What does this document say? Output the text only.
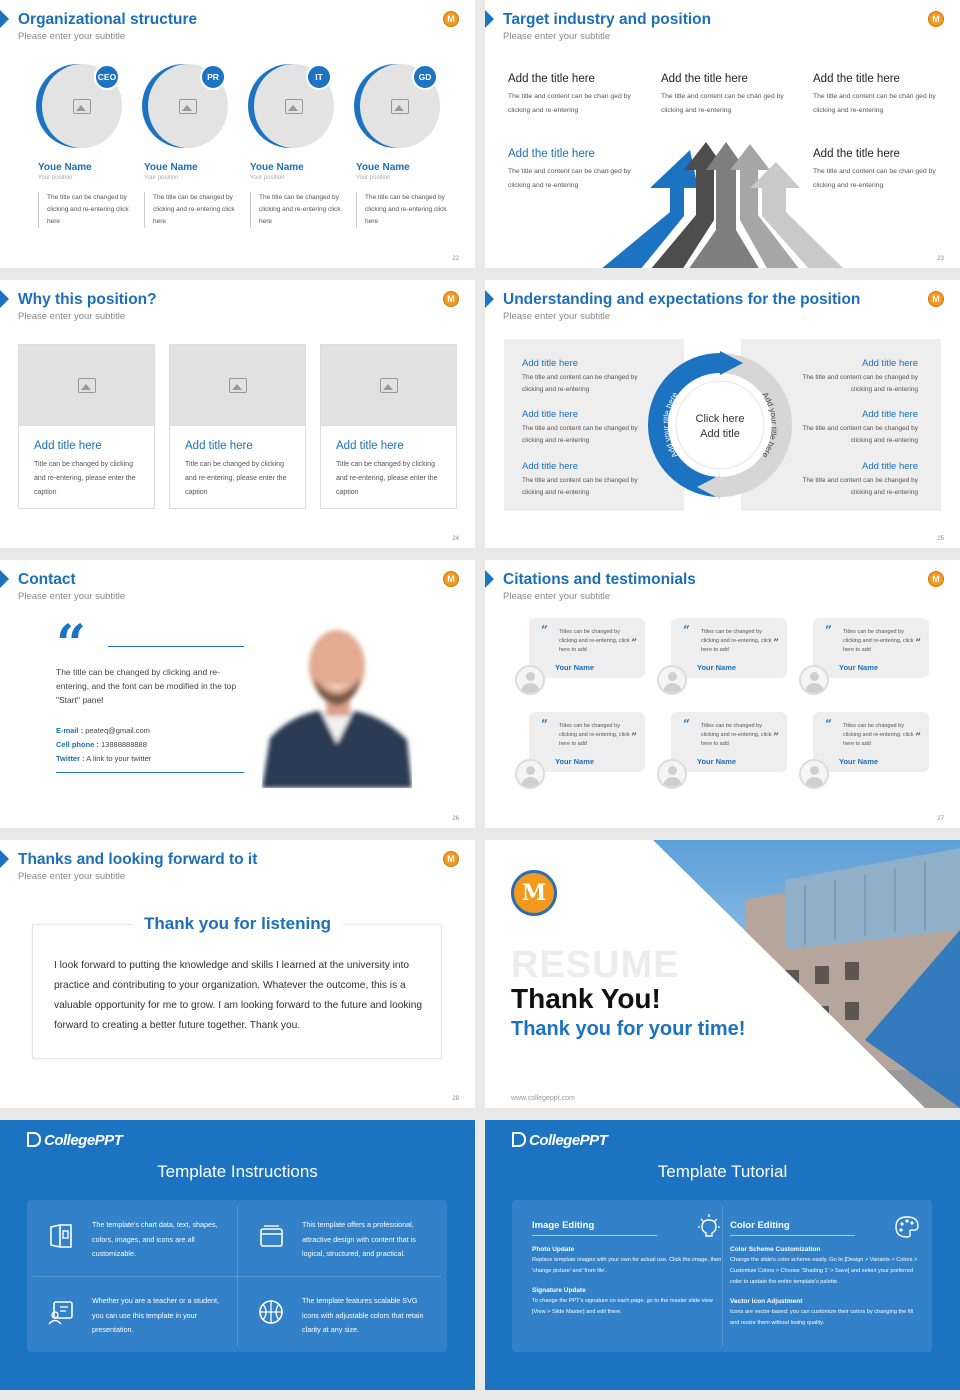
Organizational structure
Please enter your subtitle
M
CEO
Youe Name
Your position
The title can be changed by clicking and re-entering click here
PR
Youe Name
Your position
The title can be changed by clicking and re-entering click here
IT
Youe Name
Your position
The title can be changed by clicking and re-entering click here
GD
Youe Name
Your position
The title can be changed by clicking and re-entering click here
22
Target industry and position
Please enter your subtitle
M
Add the title here
The title and content can be chan ged by clicking and re-entering
Add the title here
The title and content can be chan ged by clicking and re-entering
Add the title here
The title and content can be chan ged by clicking and re-entering
Add the title here
The title and content can be chan ged by clicking and re-entering
Add the title here
The title and content can be chan ged by clicking and re-entering
23
Why this position?
Please enter your subtitle
M
Add title here
Title can be changed by clicking and re-entering, please enter the caption
Add title here
Title can be changed by clicking and re-entering, please enter the caption
Add title here
Title can be changed by clicking and re-entering, please enter the caption
24
Understanding and expectations for the position
Please enter your subtitle
M
Add title here
The title and content can be changed by clicking and re-entering
Add title here
The title and content can be changed by clicking and re-entering
Add title here
The title and content can be changed by clicking and re-entering
Add title here
The title and content can be changed by clicking and re-entering
Add title here
The title and content can be changed by clicking and re-entering
Add title here
The title and content can be changed by clicking and re-entering
Add your title here	Add your title here
Click here
Add title
25
Contact
Please enter your subtitle
M
“
The title can be changed by clicking and re-entering, and the font can be modified in the top "Start" panel
E-mail : peateq@gmail.com
Cell phone : 13888888888
Twitter : A link to your twitter
26
Citations and testimonials
Please enter your subtitle
M
“
”
Titles can be changed by clicking and re-entering, click here to add
Your Name
“
”
Titles can be changed by clicking and re-entering, click here to add
Your Name
“
”
Titles can be changed by clicking and re-entering, click here to add
Your Name
“
”
Titles can be changed by clicking and re-entering, click here to add
Your Name
“
”
Titles can be changed by clicking and re-entering, click here to add
Your Name
“
”
Titles can be changed by clicking and re-entering, click here to add
Your Name
27
Thanks and looking forward to it
Please enter your subtitle
M
Thank you for listening
I look forward to putting the knowledge and skills I learned at the university into practice and contributing to your organization. Whatever the outcome, this is a valuable opportunity for me to grow. I am looking forward to the future and looking forward to creating a better future together. Thank you.
28
M
RESUME
Thank You!
Thank you for your time!
www.collegeppt.com
CollegePPT
Template Instructions
The template's chart data, text, shapes, colors, images, and icons are all customizable.
This template offers a professional, attractive design with content that is logical, structured, and practical.
Whether you are a teacher or a student, you can use this template in your presentation.
The template features scalable SVG icons with adjustable colors that retain clarity at any size.
CollegePPT
Template Tutorial
Image Editing
Photo Update
Replace template images with your own for actual use. Click the image, then 'change picture' and 'from file'.
Signature Update
To change the PPT's signature on each page, go to the master slide view [View > Slide Master] and edit there.
Color Editing
Color Scheme Customization
Change the slide's color scheme easily. Go to [Design > Variants > Colors > Customize Colors > Choose 'Shading 1' > Save] and select your preferred color to update the entire template's palette.
Vector Icon Adjustment
Icons are vector-based: you can customize their colors by changing the fill and resize them without losing quality.
